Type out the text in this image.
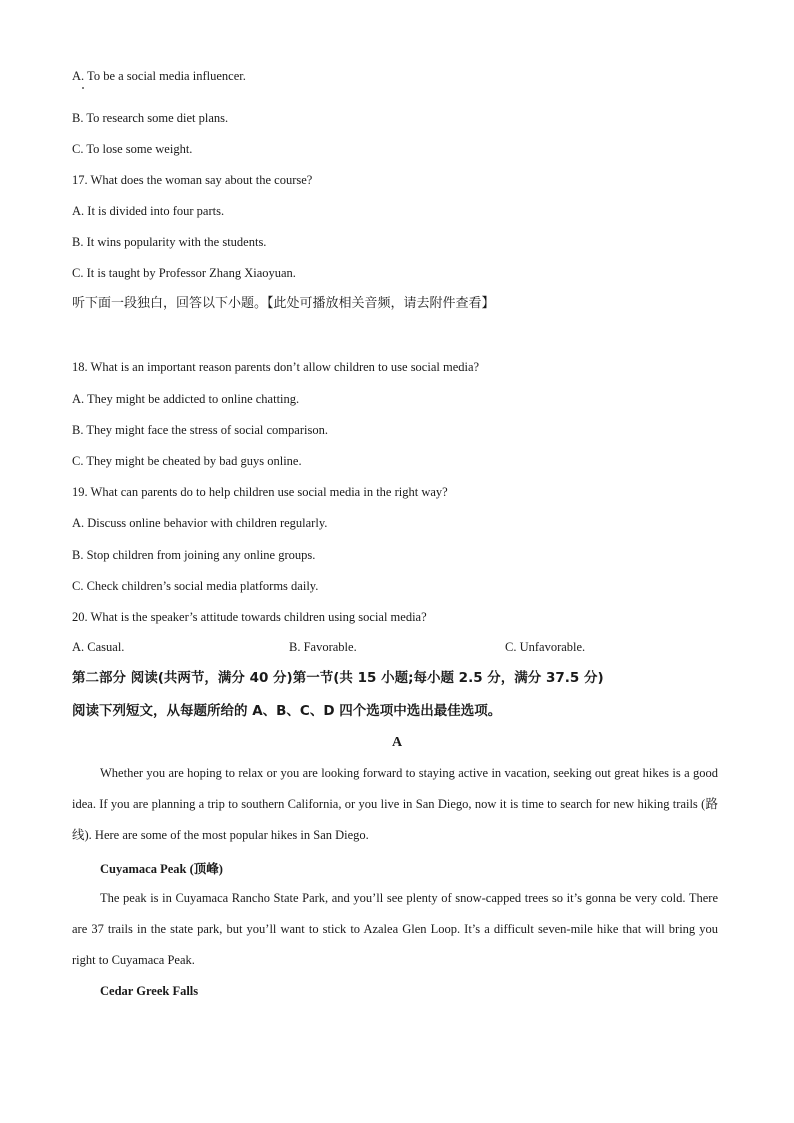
A. To be a social media influencer.
B. To research some diet plans.
C. To lose some weight.
17. What does the woman say about the course?
A. It is divided into four parts.
B. It wins popularity with the students.
C. It is taught by Professor Zhang Xiaoyuan.
听下面一段独白，回答以下小题。【此处可播放相关音频，请去附件查看】
18. What is an important reason parents don’t allow children to use social media?
A. They might be addicted to online chatting.
B. They might face the stress of social comparison.
C. They might be cheated by bad guys online.
19. What can parents do to help children use social media in the right way?
A. Discuss online behavior with children regularly.
B. Stop children from joining any online groups.
C. Check children’s social media platforms daily.
20. What is the speaker’s attitude towards children using social media?
A. Casual.	B. Favorable.	C. Unfavorable.
第二部分 阅读(共两节，满分 40 分)第一节(共 15 小题;每小题 2.5 分，满分 37.5 分)
阅读下列短文，从每题所给的 A、B、C、D 四个选项中选出最佳选项。
A
Whether you are hoping to relax or you are looking forward to staying active in vacation, seeking out great hikes is a good idea. If you are planning a trip to southern California, or you live in San Diego, now it is time to search for new hiking trails (路线). Here are some of the most popular hikes in San Diego.
Cuyamaca Peak (顶峰)
The peak is in Cuyamaca Rancho State Park, and you’ll see plenty of snow-capped trees so it’s gonna be very cold. There are 37 trails in the state park, but you’ll want to stick to Azalea Glen Loop. It’s a difficult seven-mile hike that will bring you right to Cuyamaca Peak.
Cedar Greek Falls
